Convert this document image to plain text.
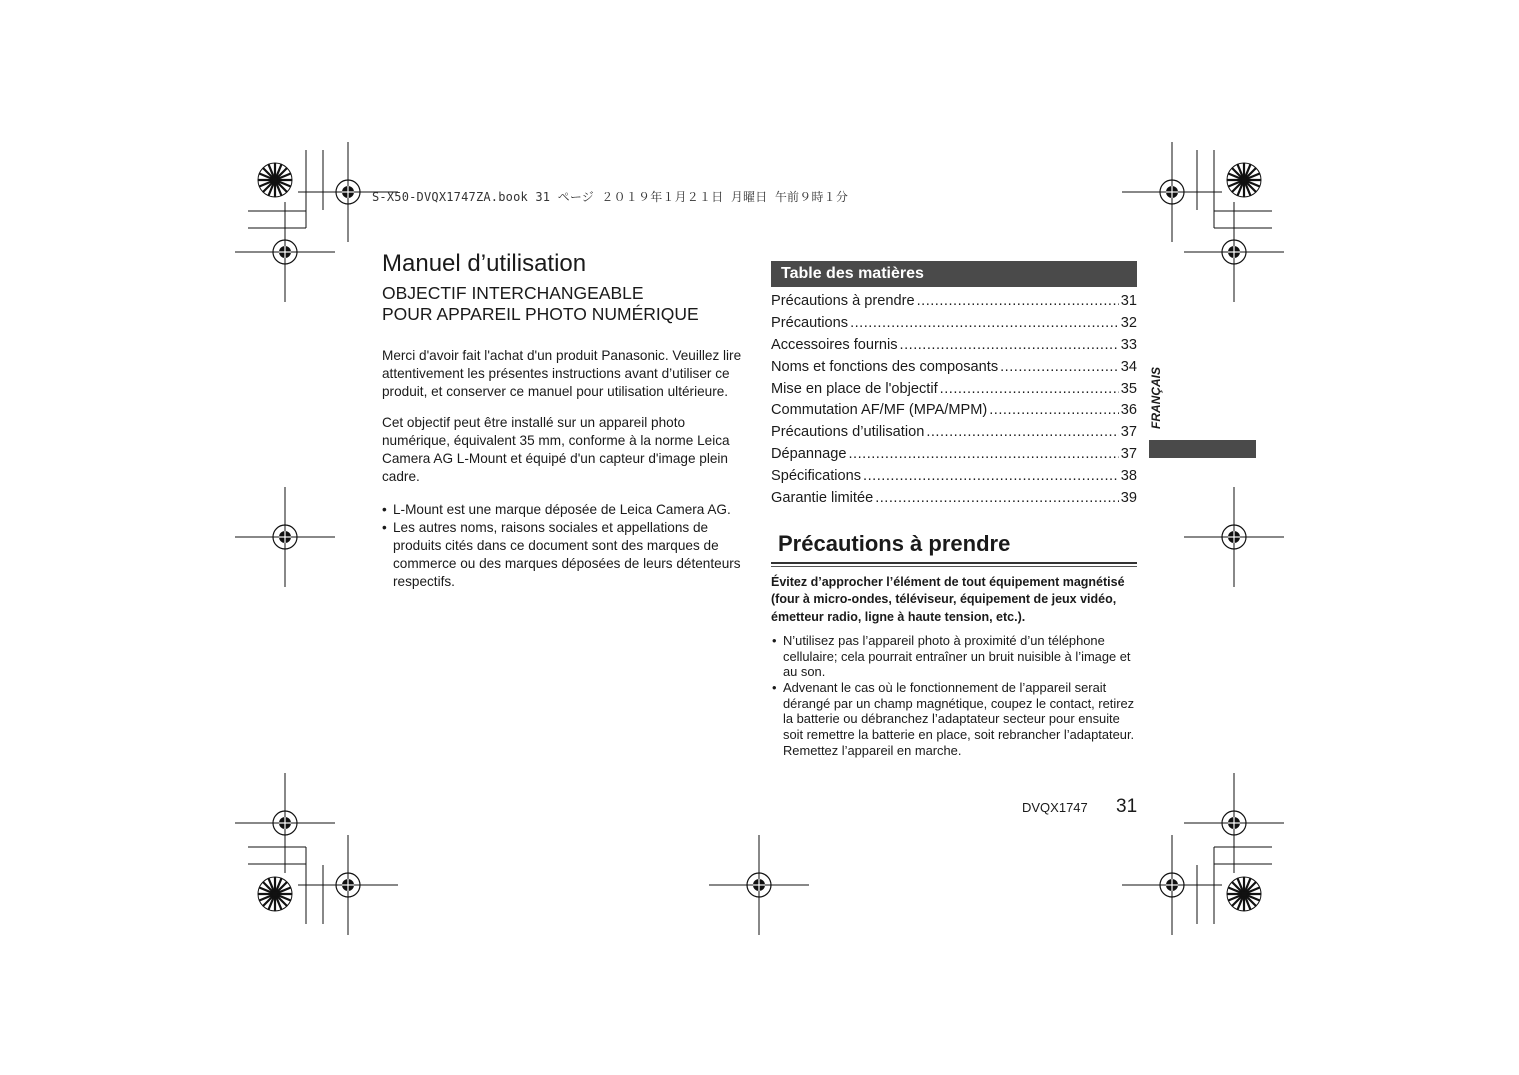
S-X50-DVQX1747ZA.book 31 ページ ２０１９年１月２１日 月曜日 午前９時１分
Manuel d’utilisation
OBJECTIF INTERCHANGEABLE
POUR APPAREIL PHOTO NUMÉRIQUE
Merci d'avoir fait l'achat d'un produit Panasonic. Veuillez lire attentivement les présentes instructions avant d’utiliser ce produit, et conserver ce manuel pour utilisation ultérieure.
Cet objectif peut être installé sur un appareil photo numérique, équivalent 35 mm, conforme à la norme Leica Camera AG L-Mount et équipé d'un capteur d'image plein cadre.
• L-Mount est une marque déposée de Leica Camera AG.
• Les autres noms, raisons sociales et appellations de produits cités dans ce document sont des marques de commerce ou des marques déposées de leurs détenteurs respectifs.
Table des matières
Précautions à prendre .....	31
Précautions .....	32
Accessoires fournis .....	33
Noms et fonctions des composants .....	34
Mise en place de l'objectif .....	35
Commutation AF/MF (MPA/MPM) .....	36
Précautions d’utilisation .....	37
Dépannage .....	37
Spécifications .....	38
Garantie limitée .....	39
Précautions à prendre
Évitez d’approcher l’élément de tout équipement magnétisé (four à micro-ondes, téléviseur, équipement de jeux vidéo, émetteur radio, ligne à haute tension, etc.).
• N’utilisez pas l’appareil photo à proximité d’un téléphone cellulaire; cela pourrait entraîner un bruit nuisible à l’image et au son.
• Advenant le cas où le fonctionnement de l’appareil serait dérangé par un champ magnétique, coupez le contact, retirez la batterie ou débranchez l’adaptateur secteur pour ensuite soit remettre la batterie en place, soit rebrancher l’adaptateur. Remettez l’appareil en marche.
FRANÇAIS
DVQX1747 31
